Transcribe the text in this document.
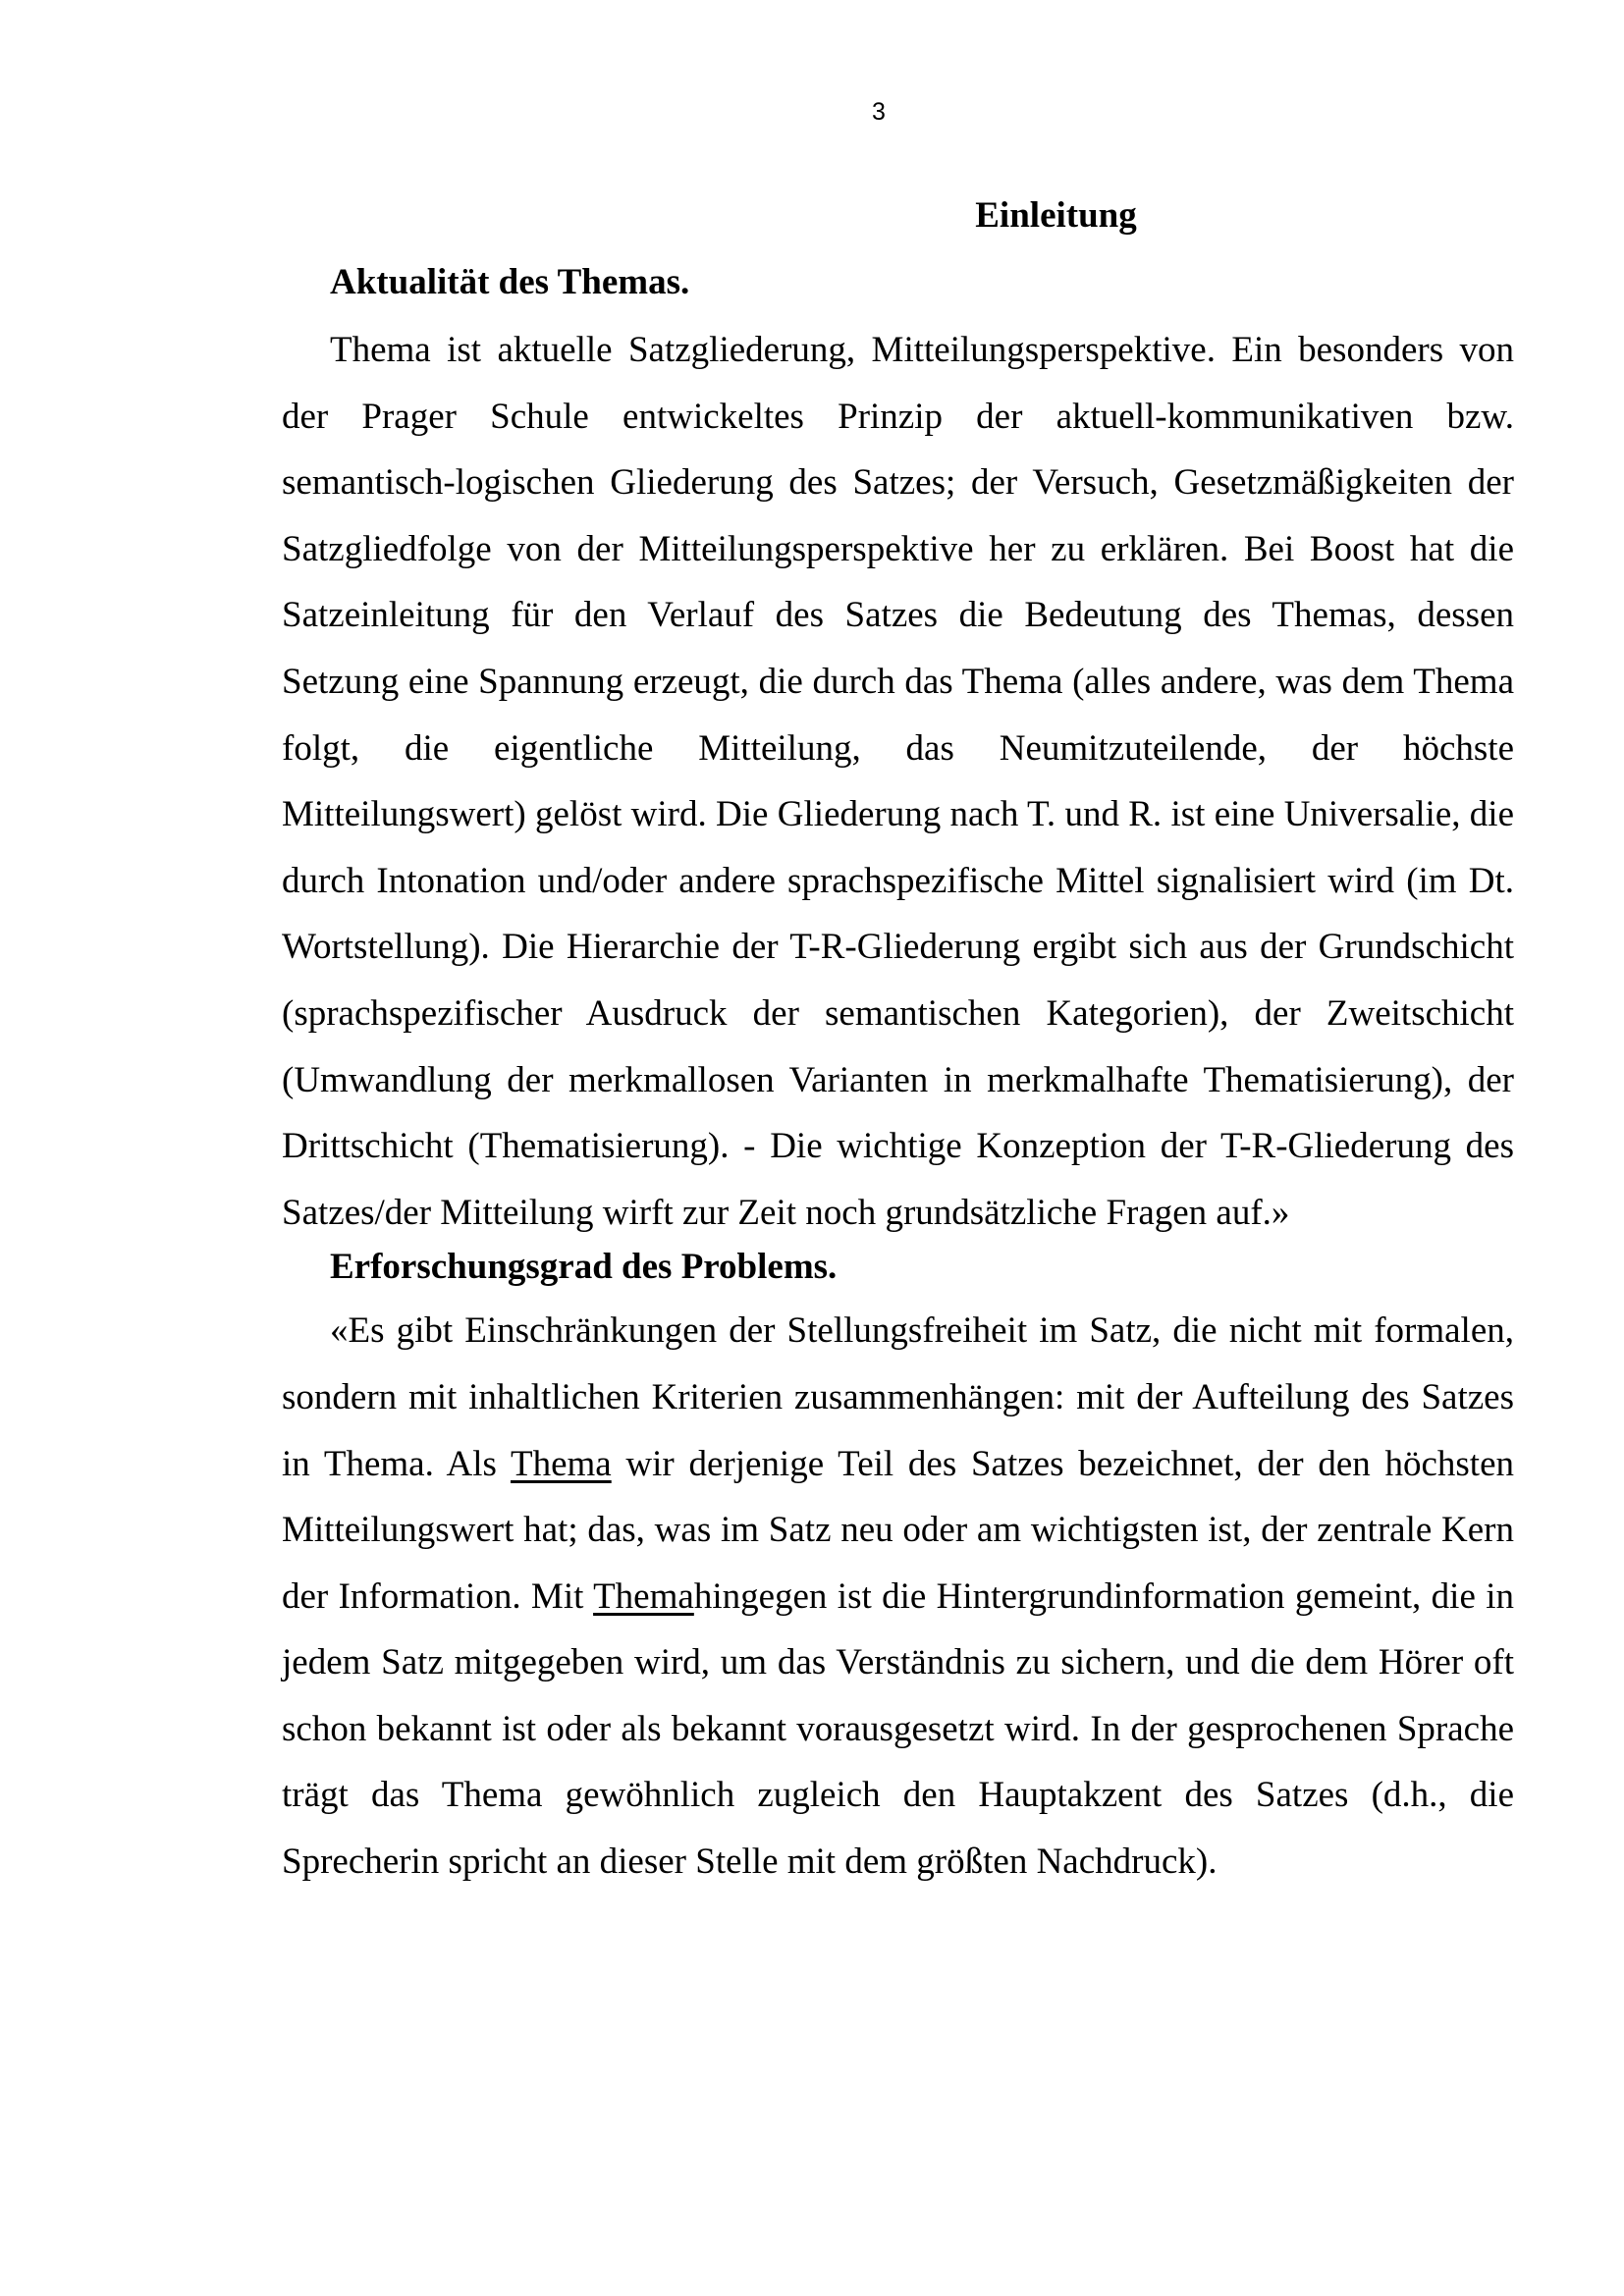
3
Einleitung
Aktualität des Themas.

Thema ist aktuelle Satzgliederung, Mitteilungsperspektive. Ein besonders von der Prager Schule entwickeltes Prinzip der aktuell-kommunikativen bzw. semantisch-logischen Gliederung des Satzes; der Versuch, Gesetzmäßigkeiten der Satzgliedfolge von der Mitteilungsperspektive her zu erklären. Bei Boost hat die Satzeinleitung für den Verlauf des Satzes die Bedeutung des Themas, dessen Setzung eine Spannung erzeugt, die durch das Thema (alles andere, was dem Thema folgt, die eigentliche Mitteilung, das Neumitzuteilende, der höchste Mitteilungswert) gelöst wird. Die Gliederung nach T. und R. ist eine Universalie, die durch Intonation und/oder andere sprachspezifische Mittel signalisiert wird (im Dt. Wortstellung). Die Hierarchie der T-R-Gliederung ergibt sich aus der Grundschicht (sprachspezifischer Ausdruck der semantischen Kategorien), der Zweitschicht (Umwandlung der merkmallosen Varianten in merkmalhafte Thematisierung), der Drittschicht (Thematisierung). - Die wichtige Konzeption der T-R-Gliederung des Satzes/der Mitteilung wirft zur Zeit noch grundsätzliche Fragen auf.»

Erforschungsgrad des Problems.

«Es gibt Einschränkungen der Stellungsfreiheit im Satz, die nicht mit formalen, sondern mit inhaltlichen Kriterien zusammenhängen: mit der Aufteilung des Satzes in Thema. Als Thema wir derjenige Teil des Satzes bezeichnet, der den höchsten Mitteilungswert hat; das, was im Satz neu oder am wichtigsten ist, der zentrale Kern der Information. Mit Themahingegen ist die Hintergrundinformation gemeint, die in jedem Satz mitgegeben wird, um das Verständnis zu sichern, und die dem Hörer oft schon bekannt ist oder als bekannt vorausgesetzt wird. In der gesprochenen Sprache trägt das Thema gewöhnlich zugleich den Hauptakzent des Satzes (d.h., die Sprecherin spricht an dieser Stelle mit dem größten Nachdruck).
